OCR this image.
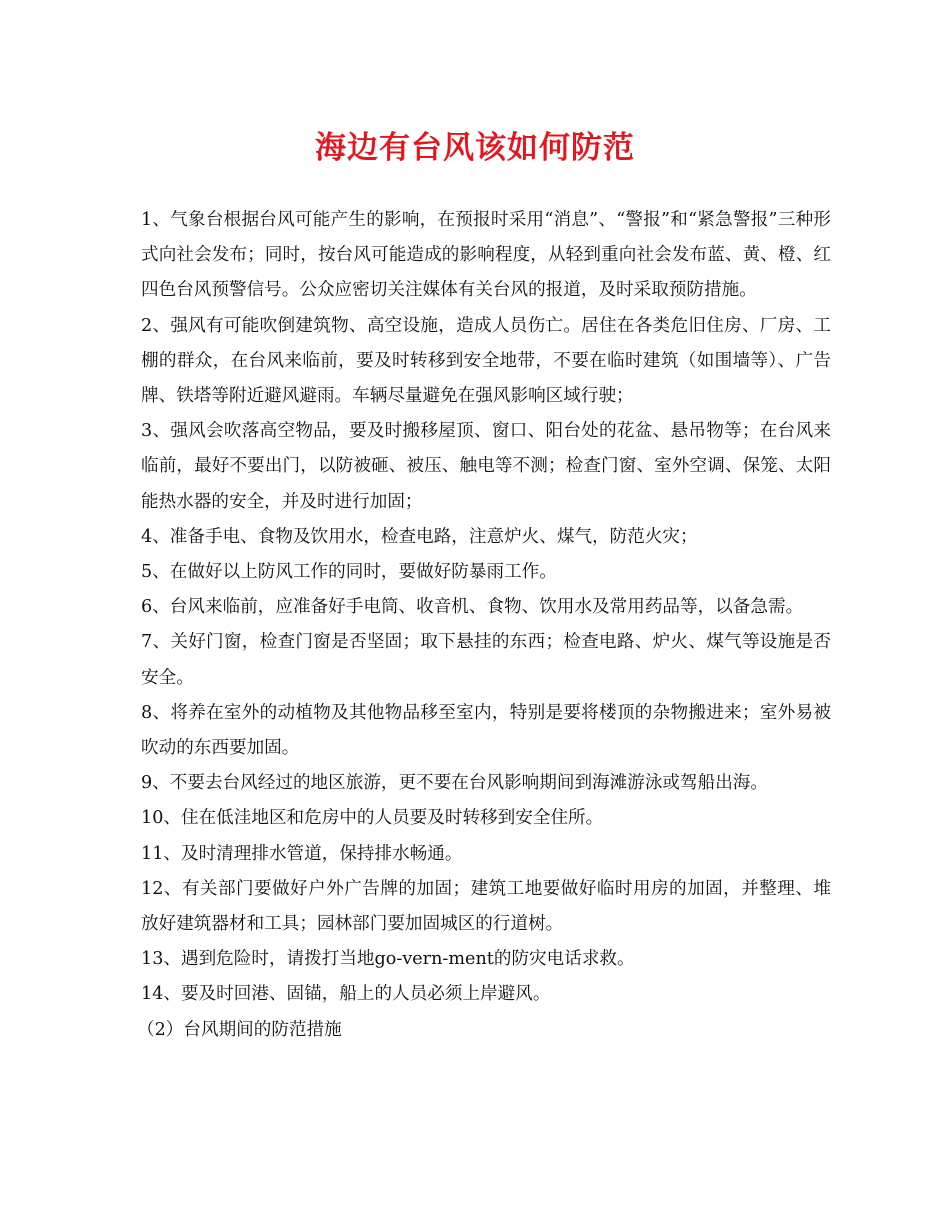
海边有台风该如何防范

1、气象台根据台风可能产生的影响，在预报时采用“消息”、“警报”和“紧急警报”三种形式向社会发布；同时，按台风可能造成的影响程度，从轻到重向社会发布蓝、黄、橙、红四色台风预警信号。公众应密切关注媒体有关台风的报道，及时采取预防措施。

2、强风有可能吹倒建筑物、高空设施，造成人员伤亡。居住在各类危旧住房、厂房、工棚的群众，在台风来临前，要及时转移到安全地带，不要在临时建筑（如围墙等）、广告牌、铁塔等附近避风避雨。车辆尽量避免在强风影响区域行驶；

3、强风会吹落高空物品，要及时搬移屋顶、窗口、阳台处的花盆、悬吊物等；在台风来临前，最好不要出门，以防被砸、被压、触电等不测；检查门窗、室外空调、保笼、太阳能热水器的安全，并及时进行加固；

4、准备手电、食物及饮用水，检查电路，注意炉火、煤气，防范火灾；

5、在做好以上防风工作的同时，要做好防暴雨工作。

6、台风来临前，应准备好手电筒、收音机、食物、饮用水及常用药品等，以备急需。

7、关好门窗，检查门窗是否坚固；取下悬挂的东西；检查电路、炉火、煤气等设施是否安全。

8、将养在室外的动植物及其他物品移至室内，特别是要将楼顶的杂物搬进来；室外易被吹动的东西要加固。

9、不要去台风经过的地区旅游，更不要在台风影响期间到海滩游泳或驾船出海。

10、住在低洼地区和危房中的人员要及时转移到安全住所。

11、及时清理排水管道，保持排水畅通。

12、有关部门要做好户外广告牌的加固；建筑工地要做好临时用房的加固，并整理、堆放好建筑器材和工具；园林部门要加固城区的行道树。

13、遇到危险时，请拨打当地go-vern-ment的防灾电话求救。

14、要及时回港、固锚，船上的人员必须上岸避风。

（2）台风期间的防范措施
